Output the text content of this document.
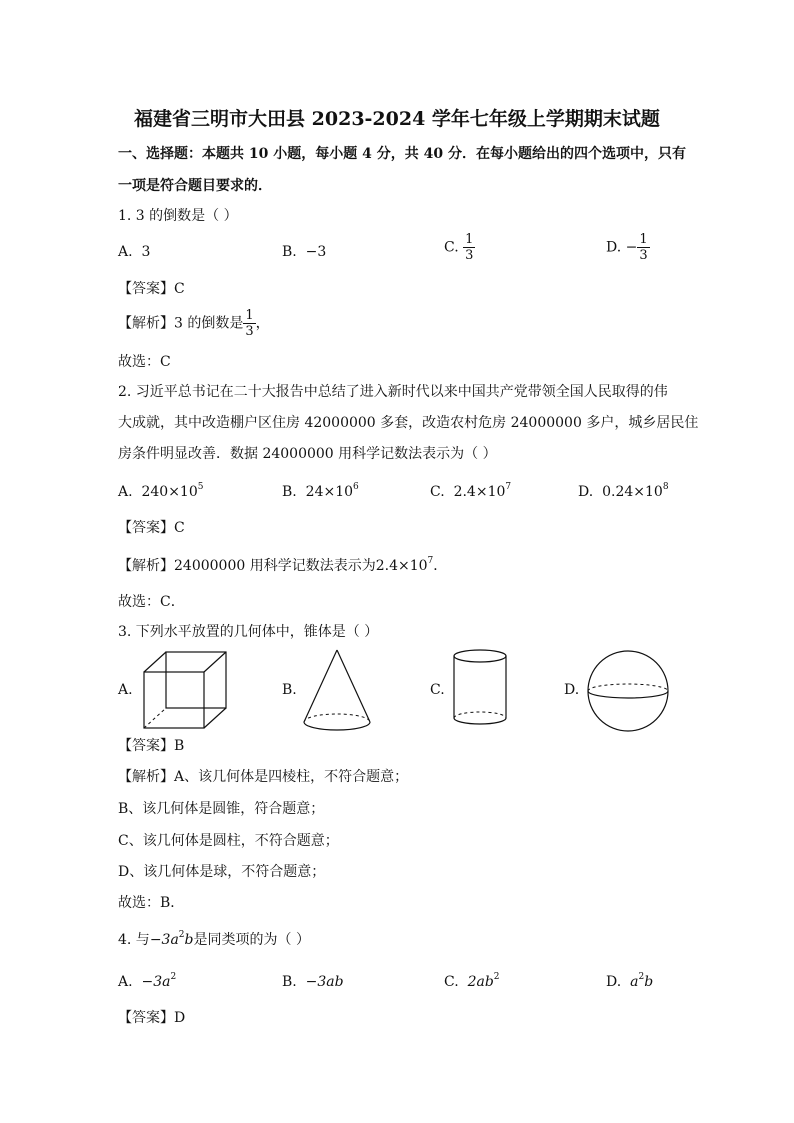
福建省三明市大田县 2023-2024 学年七年级上学期期末试题
一、选择题：本题共 10 小题，每小题 4 分，共 40 分．在每小题给出的四个选项中，只有
一项是符合题目要求的．
1. 3 的倒数是（ ）
A. 3	B. −3	C. $\frac{1}{3}$	D. − $\frac{1}{3}$
【答案】C
【解析】3 的倒数是 $\frac{1}{3}$ ，
故选：C
2. 习近平总书记在二十大报告中总结了进入新时代以来中国共产党带领全国人民取得的伟
大成就，其中改造棚户区住房 42000000 多套，改造农村危房 24000000 多户，城乡居民住
房条件明显改善．数据 24000000 用科学记数法表示为（ ）
A. $240\times 10^5$	B. $24\times 10^6$	C. $2.4\times 10^7$	D. $0.24\times 10^8$
【答案】C
【解析】24000000 用科学记数法表示为$2.4\times 10^7$．
故选：C．
3. 下列水平放置的几何体中，锥体是（ ）
A.	B.	C.	D.
【答案】B
【解析】A、该几何体是四棱柱，不符合题意；
B、该几何体是圆锥，符合题意；
C、该几何体是圆柱，不符合题意；
D、该几何体是球，不符合题意；
故选：B．
4. 与$-3a^2b$是同类项的为（ ）
A. $-3a^2$	B. −3ab	C. $2ab^2$	D. $a^2b$
【答案】D
